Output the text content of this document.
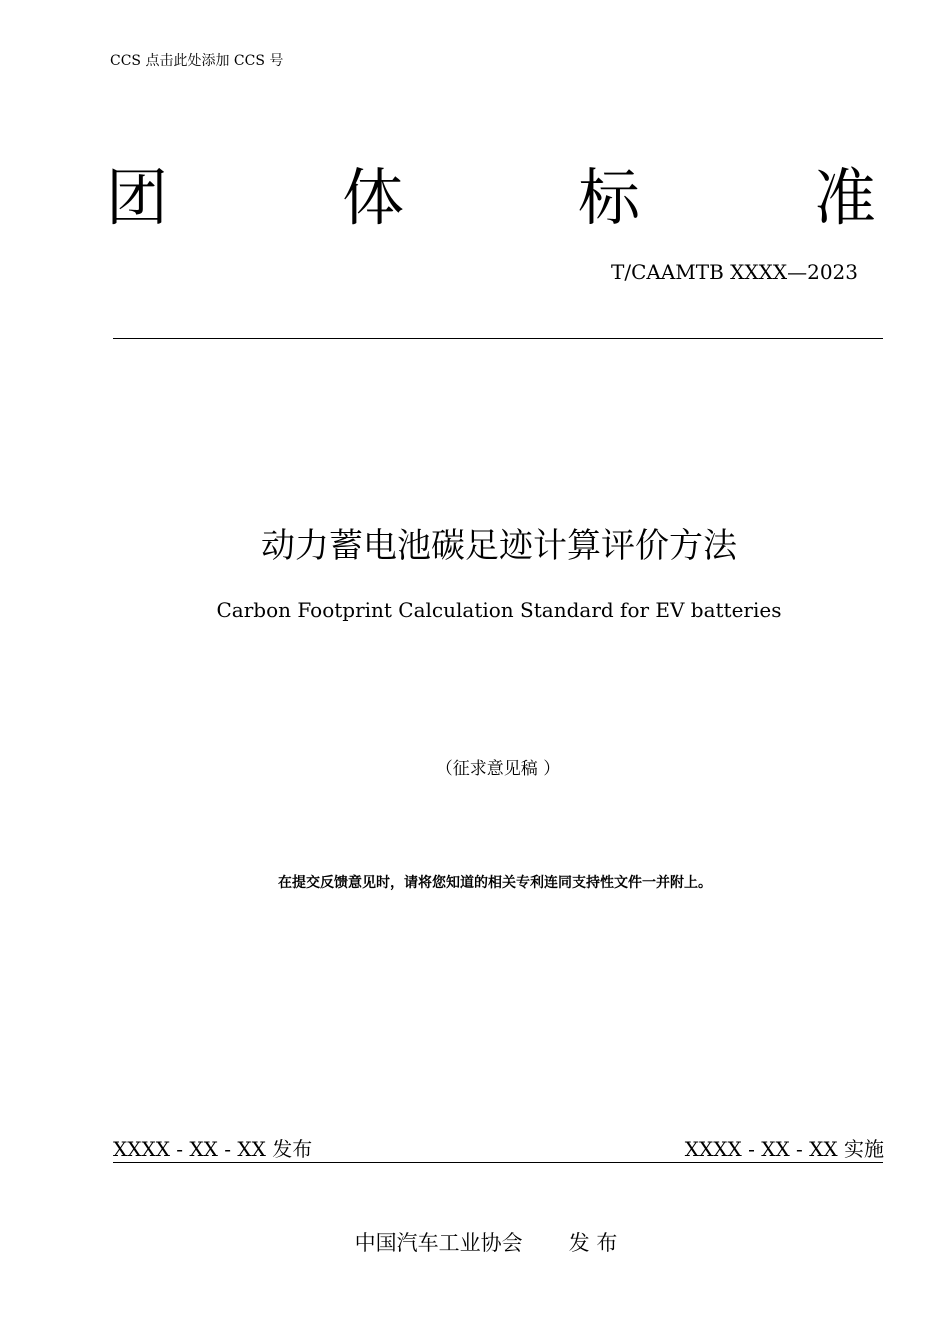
CCS 点击此处添加 CCS 号
团	体	标	准
T/CAAMTB XXXX—2023
动力蓄电池碳足迹计算评价方法
Carbon Footprint Calculation Standard for EV batteries
（征求意见稿 ）
在提交反馈意见时，请将您知道的相关专利连同支持性文件一并附上。
XXXX - XX - XX 发布	XXXX - XX - XX 实施
中国汽车工业协会 发 布
